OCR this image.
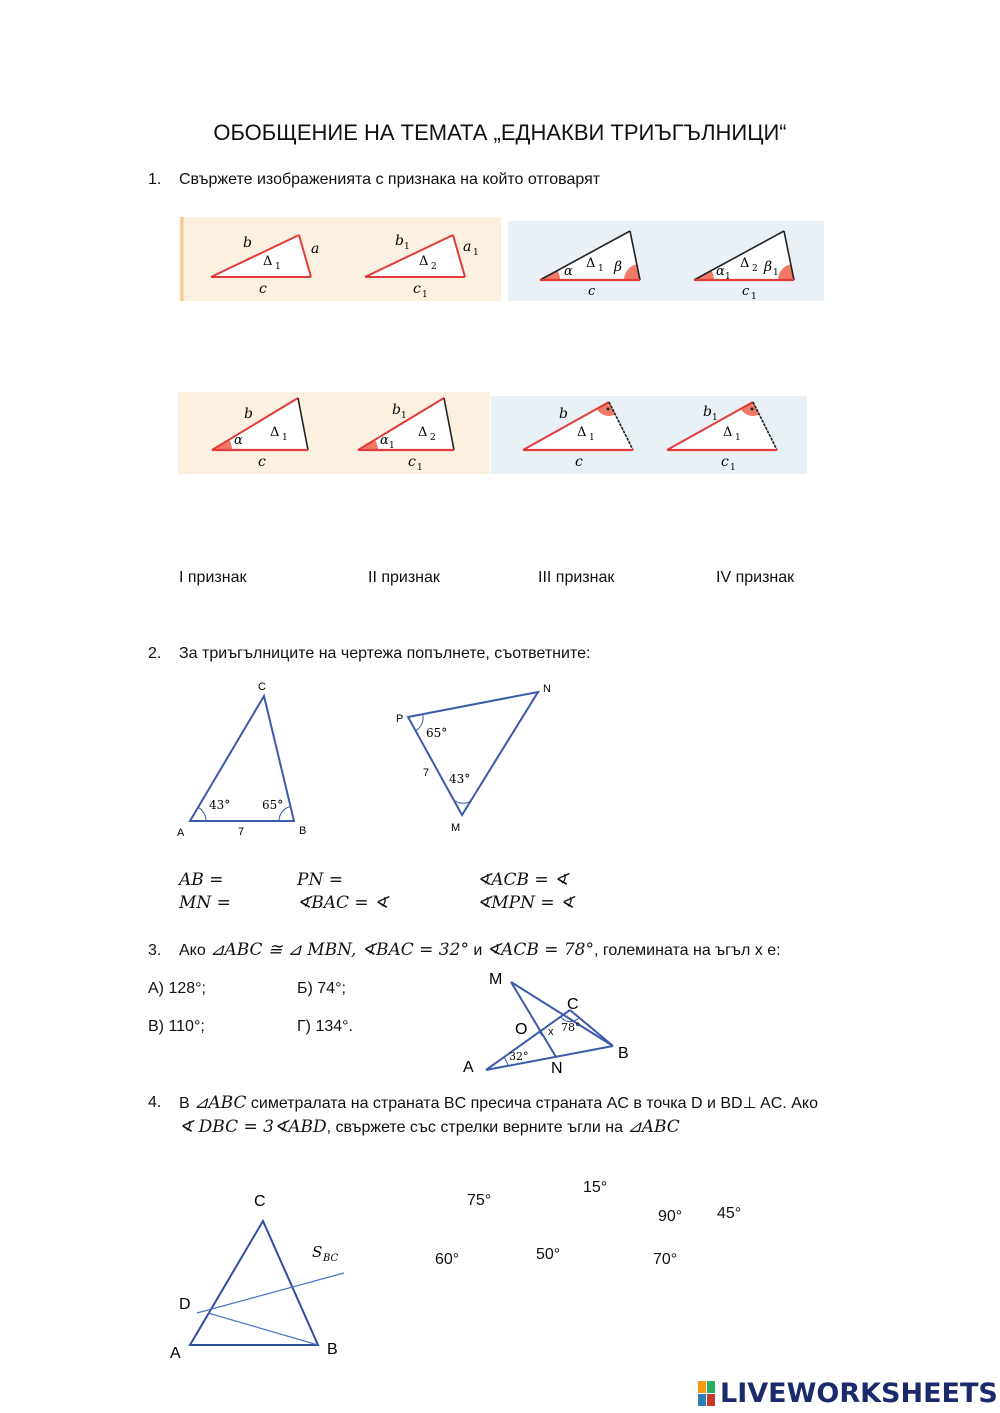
ОБОБЩЕНИЕ НА ТЕМАТА „ЕДНАКВИ ТРИЪГЪЛНИЦИ“
1. Свържете изображенията с признака на който отговарят
b	a
Δ 1
c
b 1	a 1
Δ 2
c 1
α
Δ 1 β
c
α 1
Δ 2 β 1
c 1
b
α
Δ 1
c
b 1
α 1
Δ 2
c 1
b
Δ 1
c
b 1
Δ 1
c 1
I признак	II признак	III признак	IV признак
2. За триъгълниците на чертежа попълнете, съответните:
C
A	B
43°	65°
7
N
P
M
65°
43°
7
AB =	PN =	∢ACB = ∢
MN =	∢BAC = ∢	∢MPN = ∢
3. Ако ⊿ABC ≅ ⊿ MBN, ∢BAC = 32° и ∢ACB = 78°, големината на ъгъл x е:
А) 128°;	Б) 74°;
В) 110°;	Г) 134°.
M
C
O x 78°
A
32°
N
B
4. В ⊿ABC симетралата на страната BC пресича страната AC в точка D и BD⊥ AC. Ако
∢ DBC = 3∢ABD, свържете със стрелки верните ъгли на ⊿ABC
C
S BC
D
A	B
15°
75°
90° 45°
60°	50°	70°
LIVEWORKSHEETS
